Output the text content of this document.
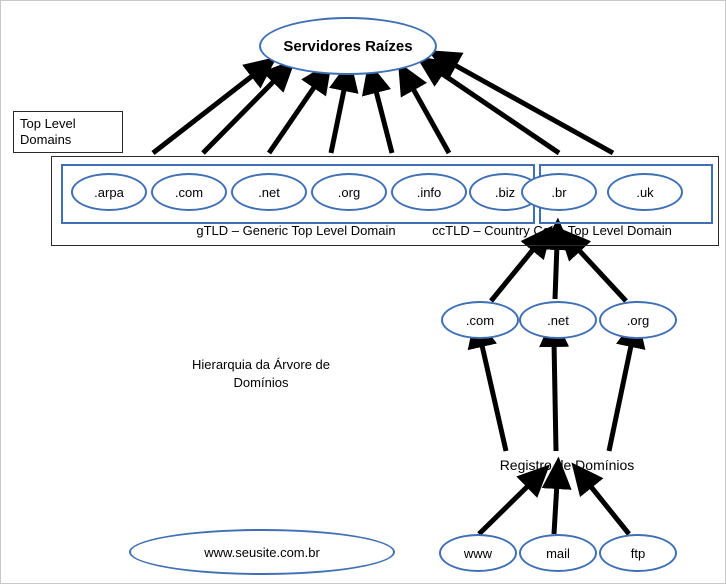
Servidores Raízes
Top Level
Domains
.arpa	.com	.net	.org	.info	.biz	.br	.uk
gTLD – Generic Top Level Domain	ccTLD – Country Code Top Level Domain
.com	.net	.org
Hierarquia da Árvore de
Domínios
Registro de Domínios
www	mail	ftp
www.seusite.com.br
